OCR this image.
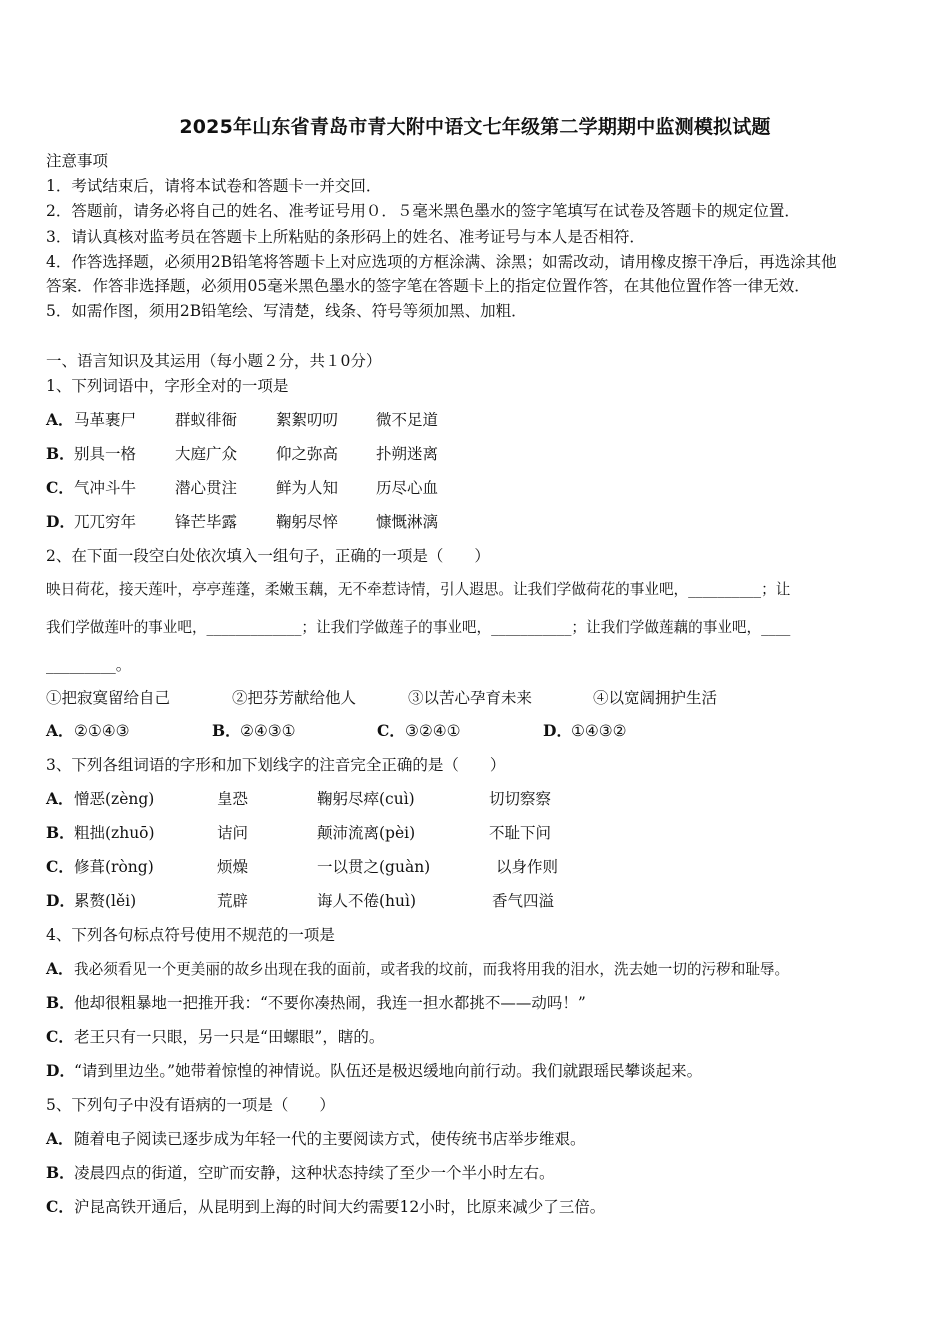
2025年山东省青岛市青大附中语文七年级第二学期期中监测模拟试题
注意事项
1．考试结束后，请将本试卷和答题卡一并交回．
2．答题前，请务必将自己的姓名、准考证号用０．５毫米黑色墨水的签字笔填写在试卷及答题卡的规定位置．
3．请认真核对监考员在答题卡上所粘贴的条形码上的姓名、准考证号与本人是否相符．
4．作答选择题，必须用2B铅笔将答题卡上对应选项的方框涂满、涂黑；如需改动，请用橡皮擦干净后，再选涂其他
答案．作答非选择题，必须用05毫米黑色墨水的签字笔在答题卡上的指定位置作答，在其他位置作答一律无效．
5．如需作图，须用2B铅笔绘、写清楚，线条、符号等须加黑、加粗．
一、语言知识及其运用（每小题２分，共１0分）
1、下列词语中，字形全对的一项是
A． 马革裹尸	群蚁徘衙	絮絮叨叨 微不足道
B． 别具一格	大庭广众	仰之弥高 扑朔迷离
C． 气冲斗牛	潜心贯注	鲜为人知 历尽心血
D． 兀兀穷年	锋芒毕露	鞠躬尽悴 慷慨淋漓
2、在下面一段空白处依次填入一组句子，正确的一项是（　　）
映日荷花，接天莲叶，亭亭莲蓬，柔嫩玉藕，无不牵惹诗情，引人遐思。让我们学做荷花的事业吧，__________；让
我们学做莲叶的事业吧，_____________；让我们学做莲子的事业吧，___________；让我们学做莲藕的事业吧，____
_________。
①把寂寞留给自己	②把芬芳献给他人	③以苦心孕育未来	④以宽阔拥护生活
A． ②①④③	B． ②④③①	C． ③②④①	D． ①④③②
3、下列各组词语的字形和加下划线字的注音完全正确的是（　　）
A． 憎恶(zèng)	皇恐	鞠躬尽瘁(cuì)	切切察察
B． 粗拙(zhuō)	诘问	颠沛流离(pèi)	不耻下问
C． 修葺(ròng)	烦燥	一以贯之(guàn)	以身作则
D． 累赘(lěi)	荒辟	诲人不倦(huì)	香气四溢
4、下列各句标点符号使用不规范的一项是
A．我必须看见一个更美丽的故乡出现在我的面前，或者我的坟前，而我将用我的泪水，洗去她一切的污秽和耻辱。
B．他却很粗暴地一把推开我：“不要你凑热闹，我连一担水都挑不——动吗！”
C．老王只有一只眼，另一只是“田螺眼”，瞎的。
D．“请到里边坐。”她带着惊惶的神情说。队伍还是极迟缓地向前行动。我们就跟瑶民攀谈起来。
5、下列句子中没有语病的一项是（　　）
A．随着电子阅读已逐步成为年轻一代的主要阅读方式，使传统书店举步维艰。
B．凌晨四点的街道，空旷而安静，这种状态持续了至少一个半小时左右。
C．沪昆高铁开通后，从昆明到上海的时间大约需要12小时，比原来减少了三倍。
